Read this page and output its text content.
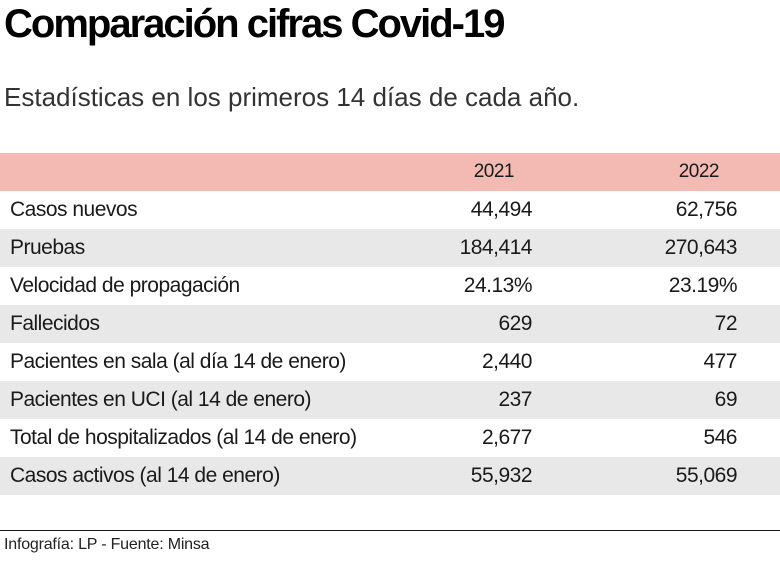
Comparación cifras Covid-19

Estadísticas en los primeros 14 días de cada año.

2021	2022
Casos nuevos	44,494	62,756
Pruebas	184,414	270,643
Velocidad de propagación	24.13%	23.19%
Fallecidos	629	72
Pacientes en sala (al día 14 de enero)	2,440	477
Pacientes en UCI (al 14 de enero)	237	69
Total de hospitalizados (al 14 de enero)	2,677	546
Casos activos (al 14 de enero)	55,932	55,069

Infografía: LP - Fuente: Minsa
